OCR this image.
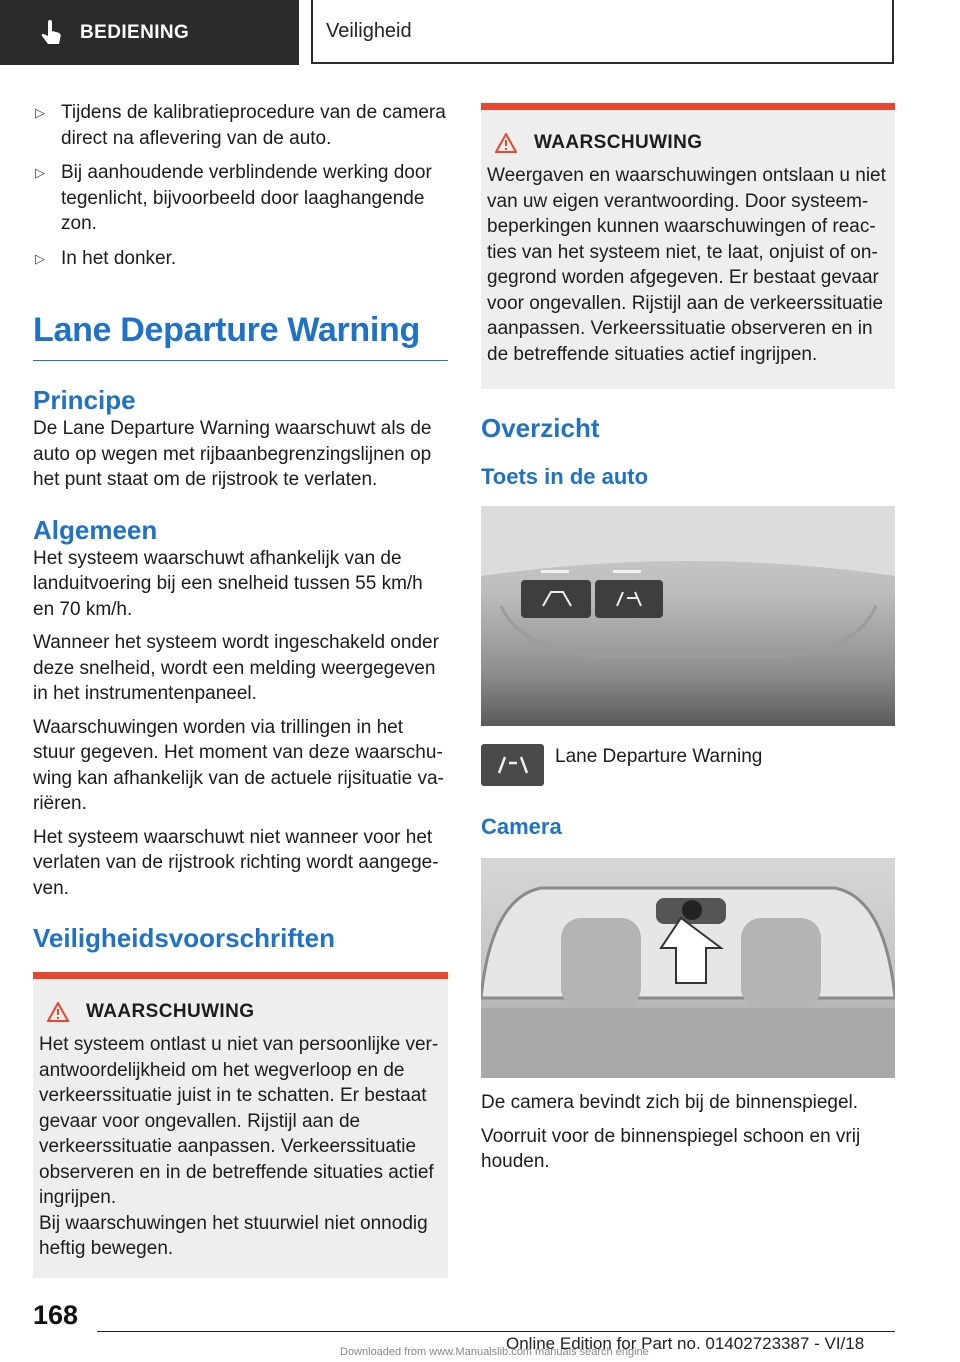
BEDIENING	Veiligheid
▷ Tijdens de kalibratieprocedure van de camera direct na aflevering van de auto.
▷ Bij aanhoudende verblindende werking door tegenlicht, bijvoorbeeld door laaghangende zon.
▷ In het donker.
Lane Departure Warning
Principe

De Lane Departure Warning waarschuwt als de auto op wegen met rijbaanbegrenzingslijnen op het punt staat om de rijstrook te verlaten.

Algemeen

Het systeem waarschuwt afhankelijk van de landuitvoering bij een snelheid tussen 55 km/h en 70 km/h.

Wanneer het systeem wordt ingeschakeld onder deze snelheid, wordt een melding weergegeven in het instrumentenpaneel.

Waarschuwingen worden via trillingen in het stuur gegeven. Het moment van deze waarschuwing kan afhankelijk van de actuele rijsituatie variëren.

Het systeem waarschuwt niet wanneer voor het verlaten van de rijstrook richting wordt aangegeven.

Veiligheidsvoorschriften
WAARSCHUWING

Het systeem ontlast u niet van persoonlijke verantwoordelijkheid om het wegverloop en de verkeerssituatie juist in te schatten. Er bestaat gevaar voor ongevallen. Rijstijl aan de verkeerssituatie aanpassen. Verkeerssituatie observeren en in de betreffende situaties actief ingrijpen.

Bij waarschuwingen het stuurwiel niet onnodig heftig bewegen.

WAARSCHUWING

Weergaven en waarschuwingen ontslaan u niet van uw eigen verantwoording. Door systeembeperkingen kunnen waarschuwingen of reacties van het systeem niet, te laat, onjuist of ongegrond worden afgegeven. Er bestaat gevaar voor ongevallen. Rijstijl aan de verkeerssituatie aanpassen. Verkeerssituatie observeren en in de betreffende situaties actief ingrijpen.

Overzicht
Toets in de auto

Lane Departure Warning

Camera

De camera bevindt zich bij de binnenspiegel.

Voorruit voor de binnenspiegel schoon en vrij houden.

168
Online Edition for Part no. 01402723387 - VI/18
Downloaded from www.Manualslib.com manuals search engine
